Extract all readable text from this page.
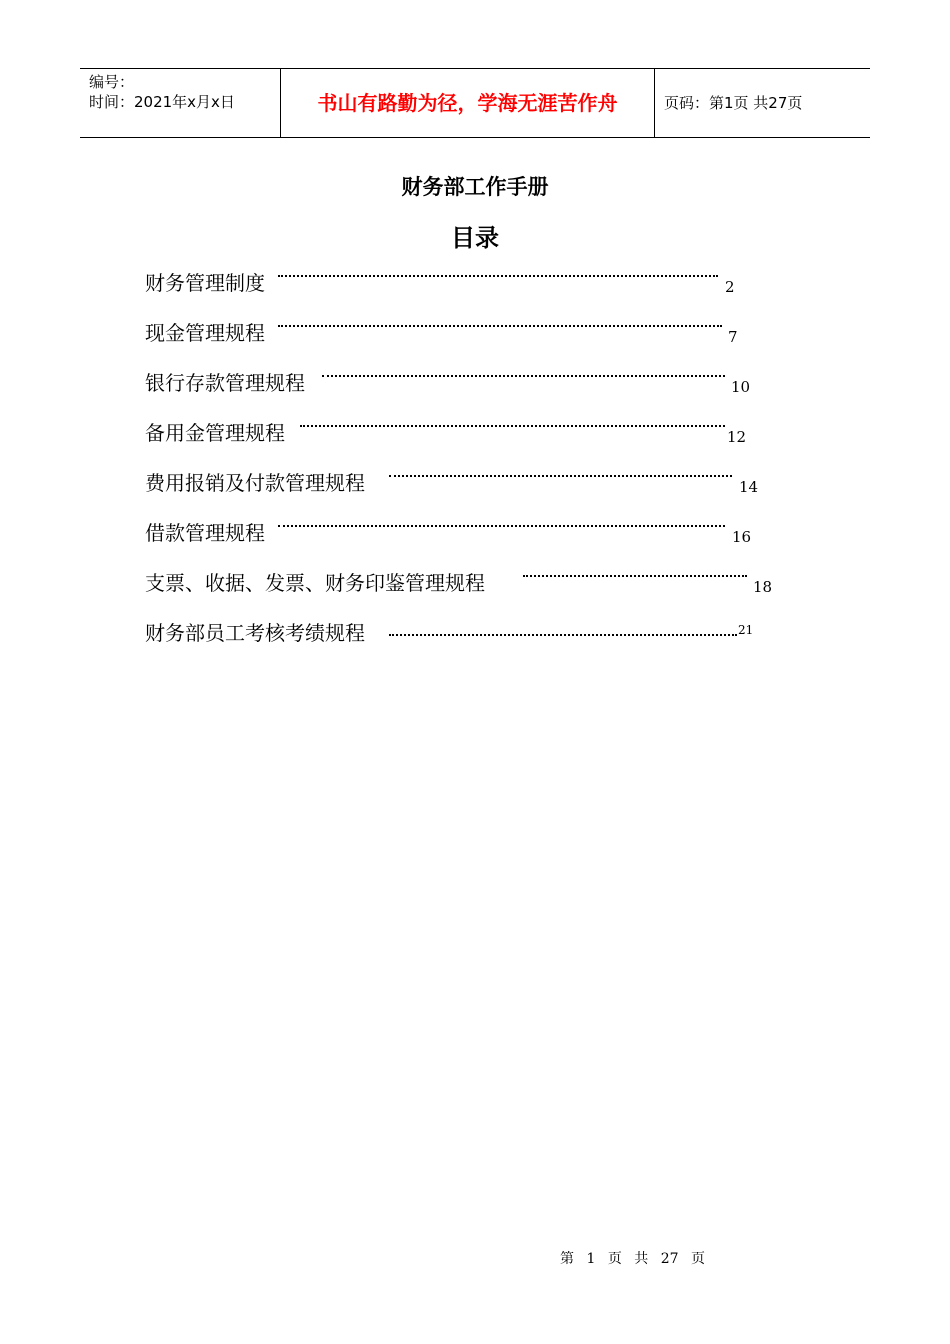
编号：
时间：2021年x月x日	书山有路勤为径，学海无涯苦作舟	页码：第1页 共27页
财务部工作手册
目录
财务管理制度	2
现金管理规程	7
银行存款管理规程	10
备用金管理规程	12
费用报销及付款管理规程	14
借款管理规程	16
支票、收据、发票、财务印鉴管理规程	18
财务部员工考核考绩规程	21
第 1 页 共 27 页
